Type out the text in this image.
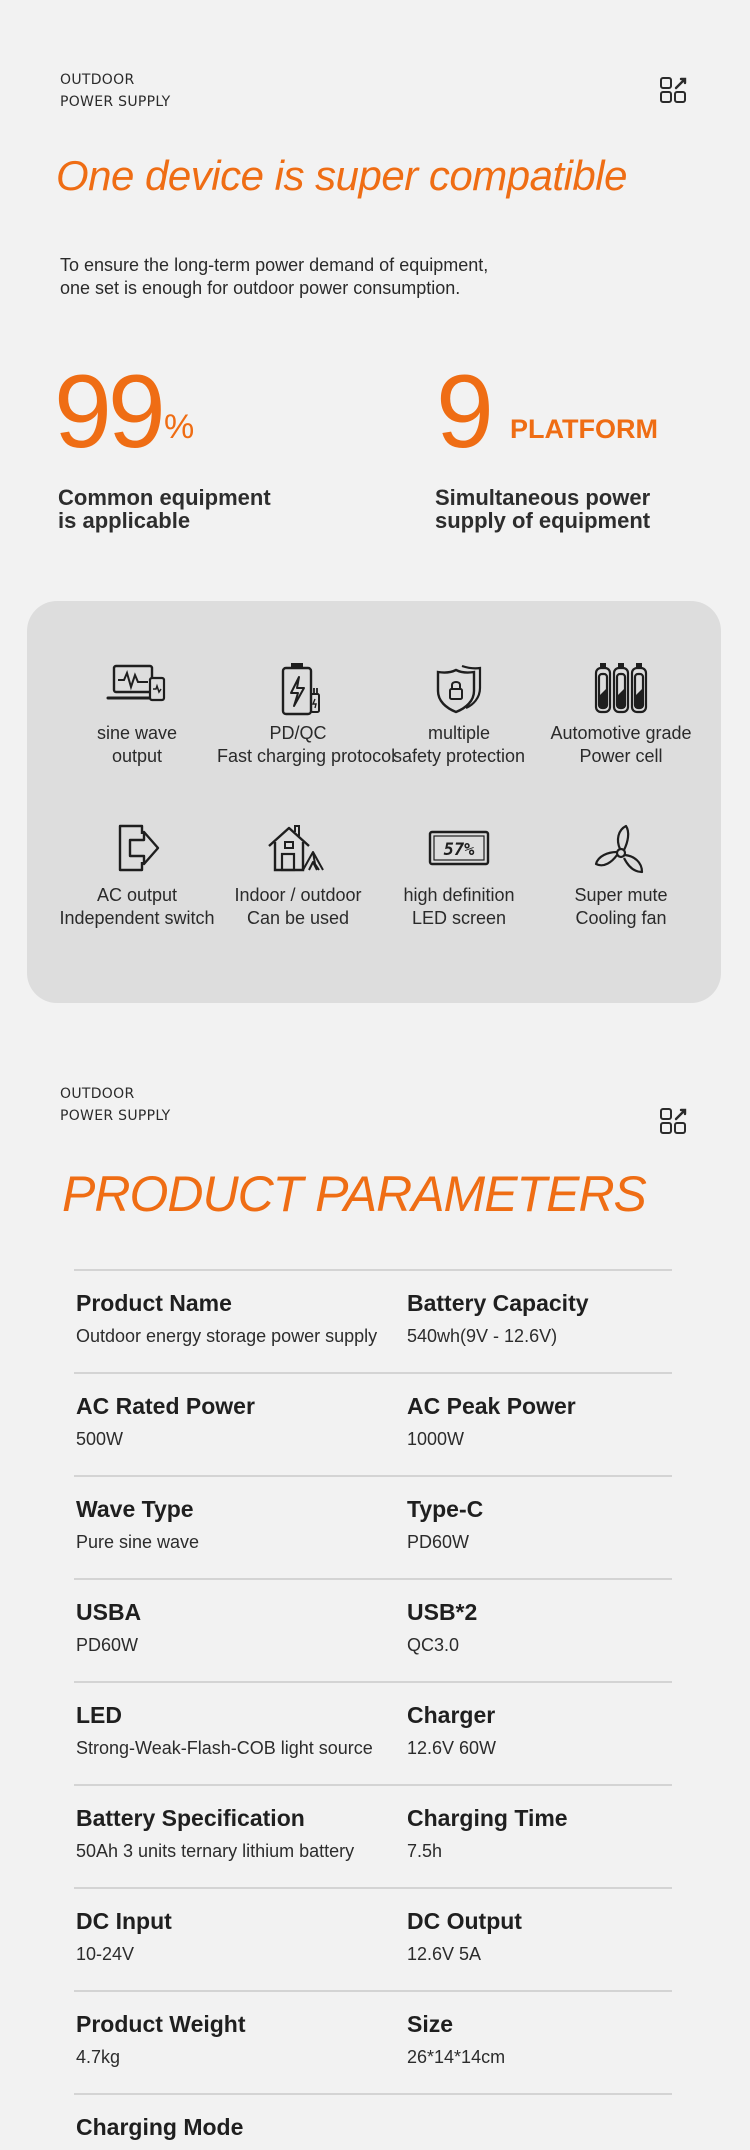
OUTDOOR
POWER SUPPLY
One device is super compatible
To ensure the long-term power demand of equipment,
one set is enough for outdoor power consumption.
99 %
Common equipment
is applicable
9 PLATFORM
Simultaneous power
supply of equipment
sine wave
output
PD/QC
Fast charging protocol
multiple
safety protection
Automotive grade
Power cell
AC output
Independent switch
Indoor / outdoor
Can be used
57%
high definition
LED screen
Super mute
Cooling fan
OUTDOOR
POWER SUPPLY
PRODUCT PARAMETERS
Product Name
Outdoor energy storage power supply
Battery Capacity
540wh(9V - 12.6V)
AC Rated Power
500W
AC Peak Power
1000W
Wave Type
Pure sine wave
Type-C
PD60W
USBA
PD60W
USB*2
QC3.0
LED
Strong-Weak-Flash-COB light source
Charger
12.6V 60W
Battery Specification
50Ah 3 units ternary lithium battery
Charging Time
7.5h
DC Input
10-24V
DC Output
12.6V 5A
Product Weight
4.7kg
Size
26*14*14cm
Charging Mode
